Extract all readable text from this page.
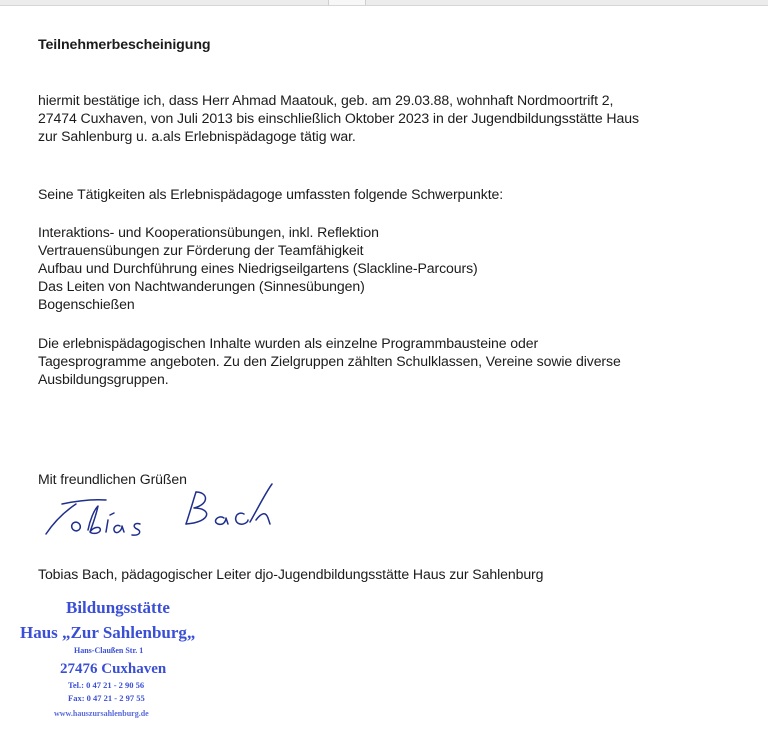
Teilnehmerbescheinigung
hiermit bestätige ich, dass Herr Ahmad Maatouk, geb. am 29.03.88, wohnhaft Nordmoortrift 2,
27474 Cuxhaven, von Juli 2013 bis einschließlich Oktober 2023 in der Jugendbildungsstätte Haus
zur Sahlenburg u. a.als Erlebnispädagoge tätig war.
Seine Tätigkeiten als Erlebnispädagoge umfassten folgende Schwerpunkte:
Interaktions- und Kooperationsübungen, inkl. Reflektion
Vertrauensübungen zur Förderung der Teamfähigkeit
Aufbau und Durchführung eines Niedrigseilgartens (Slackline-Parcours)
Das Leiten von Nachtwanderungen (Sinnesübungen)
Bogenschießen
Die erlebnispädagogischen Inhalte wurden als einzelne Programmbausteine oder
Tagesprogramme angeboten. Zu den Zielgruppen zählten Schulklassen, Vereine sowie diverse
Ausbildungsgruppen.
Mit freundlichen Grüßen
Tobias Bach, pädagogischer Leiter djo-Jugendbildungsstätte Haus zur Sahlenburg
Bildungsstätte
Haus „Zur Sahlenburg„
Hans-Claußen Str. 1
27476 Cuxhaven
Tel.: 0 47 21 - 2 90 56
Fax: 0 47 21 - 2 97 55
www.hauszursahlenburg.de
